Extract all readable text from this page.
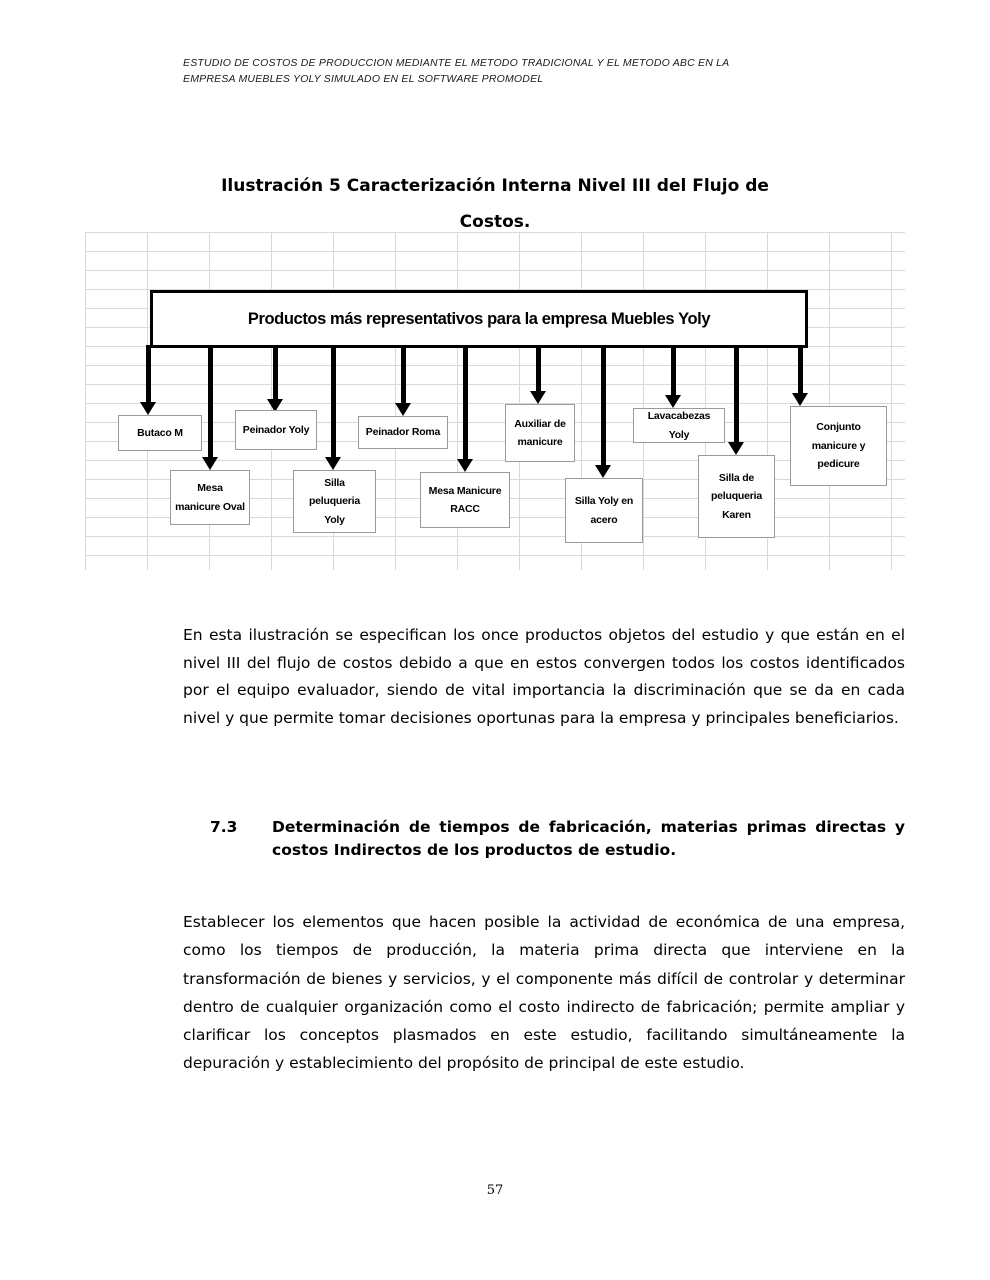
ESTUDIO DE COSTOS DE PRODUCCION MEDIANTE EL METODO TRADICIONAL Y EL METODO ABC EN LA
EMPRESA MUEBLES YOLY SIMULADO EN EL SOFTWARE PROMODEL
Ilustración 5 Caracterización Interna Nivel III del Flujo de
Costos.
Productos más representativos para la empresa Muebles Yoly
Butaco M	Peinador Yoly	Peinador Roma
Auxiliar de manicure
Lavacabezas Yoly
Conjunto manicure y pedicure
Mesa manicure Oval
Silla peluqueria Yoly
Mesa Manicure RACC
Silla Yoly en acero
Silla de peluqueria Karen

En esta ilustración se especifican los once productos objetos del estudio y que están en el nivel III del flujo de costos debido a que en estos convergen todos los costos identificados por el equipo evaluador, siendo de vital importancia la discriminación que se da en cada nivel y que permite tomar decisiones oportunas para la empresa y principales beneficiarios.

7.3	Determinación de tiempos de fabricación, materias primas directas y costos Indirectos de los productos de estudio.

Establecer los elementos que hacen posible la actividad de económica de una empresa, como los tiempos de producción, la materia prima directa que interviene en la transformación de bienes y servicios, y el componente más difícil de controlar y determinar dentro de cualquier organización como el costo indirecto de fabricación; permite ampliar y clarificar los conceptos plasmados en este estudio, facilitando simultáneamente la depuración y establecimiento del propósito de principal de este estudio.

57
